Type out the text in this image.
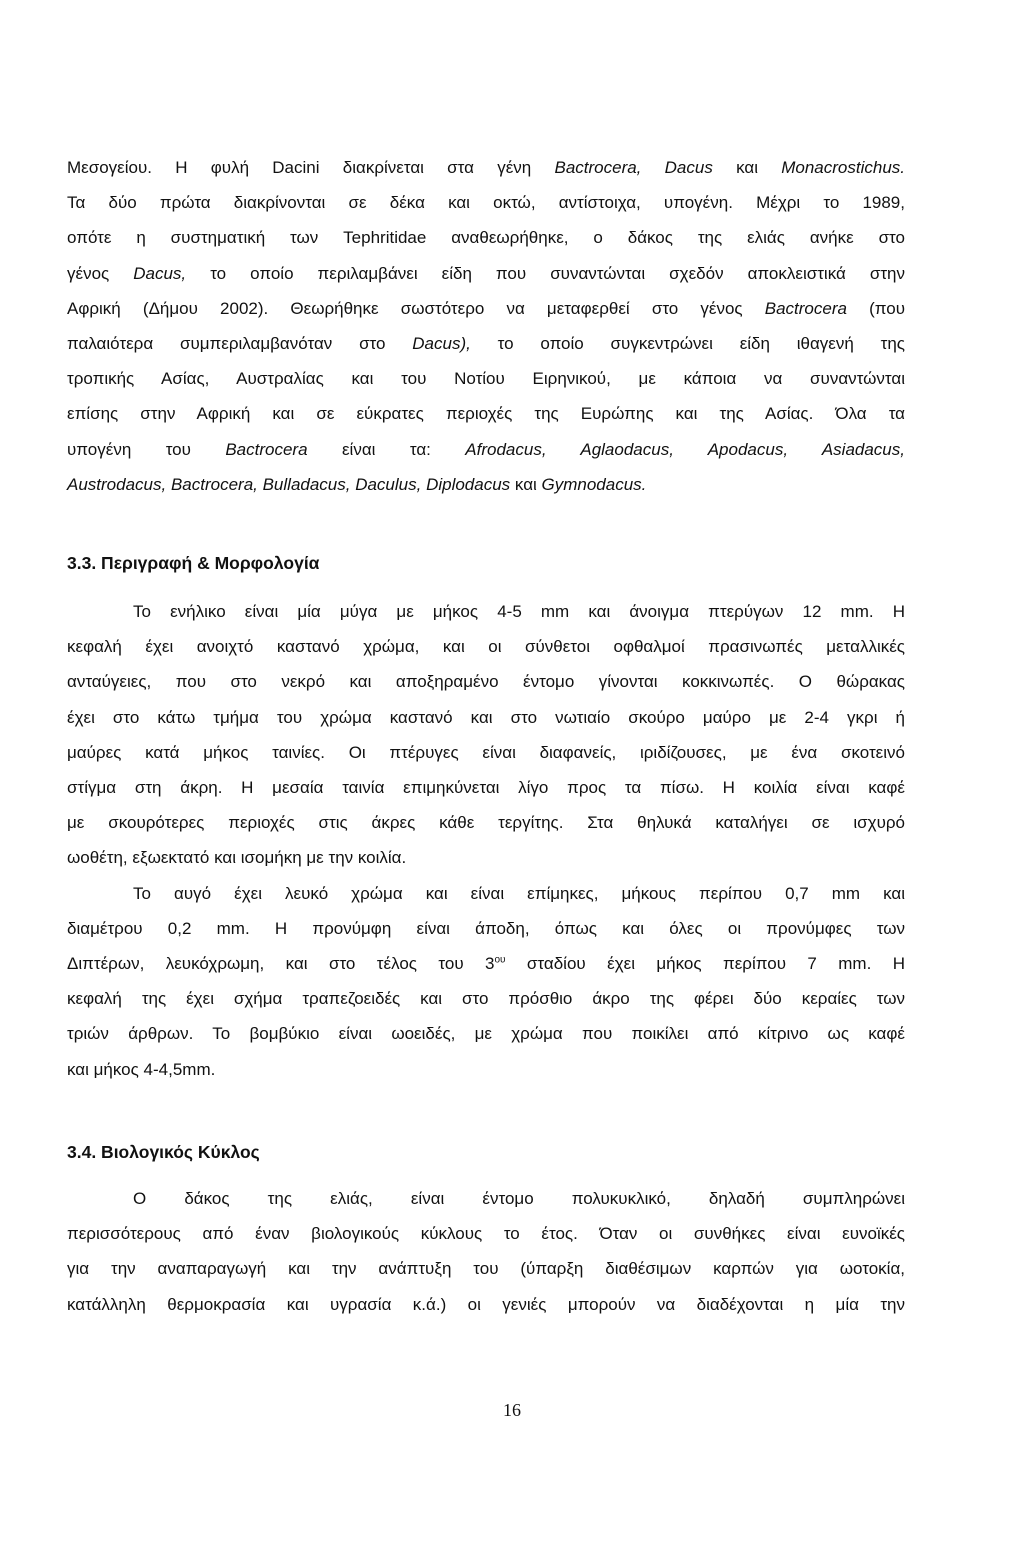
Μεσογείου. Η φυλή Dacini διακρίνεται στα γένη Bactrocera, Dacus και Monacrostichus.
Τα δύο πρώτα διακρίνονται σε δέκα και οκτώ, αντίστοιχα, υπογένη. Μέχρι το 1989,
οπότε η συστηματική των Tephritidae αναθεωρήθηκε, ο δάκος της ελιάς ανήκε στο
γένος Dacus, το οποίο περιλαμβάνει είδη που συναντώνται σχεδόν αποκλειστικά στην
Αφρική (Δήμου 2002). Θεωρήθηκε σωστότερο να μεταφερθεί στο γένος Bactrocera (που
παλαιότερα συμπεριλαμβανόταν στο Dacus), το οποίο συγκεντρώνει είδη ιθαγενή της
τροπικής Ασίας, Αυστραλίας και του Νοτίου Ειρηνικού, με κάποια να συναντώνται
επίσης στην Αφρική και σε εύκρατες περιοχές της Ευρώπης και της Ασίας. Όλα τα
υπογένη του Bactrocera είναι τα: Afrodacus, Aglaodacus, Apodacus, Asiadacus,
Austrodacus, Bactrocera, Bulladacus, Daculus, Diplodacus και Gymnodacus.
3.3. Περιγραφή & Μορφολογία
Το ενήλικο είναι μία μύγα με μήκος 4-5 mm και άνοιγμα πτερύγων 12 mm. Η
κεφαλή έχει ανοιχτό καστανό χρώμα, και οι σύνθετοι οφθαλμοί πρασινωπές μεταλλικές
ανταύγειες, που στο νεκρό και αποξηραμένο έντομο γίνονται κοκκινωπές. Ο θώρακας
έχει στο κάτω τμήμα του χρώμα καστανό και στο νωτιαίο σκούρο μαύρο με 2-4 γκρι ή
μαύρες κατά μήκος ταινίες. Οι πτέρυγες είναι διαφανείς, ιριδίζουσες, με ένα σκοτεινό
στίγμα στη άκρη. Η μεσαία ταινία επιμηκύνεται λίγο προς τα πίσω. Η κοιλία είναι καφέ
με σκουρότερες περιοχές στις άκρες κάθε τεργίτης. Στα θηλυκά καταλήγει σε ισχυρό
ωοθέτη, εξωεκτατό και ισομήκη με την κοιλία.
Το αυγό έχει λευκό χρώμα και είναι επίμηκες, μήκους περίπου 0,7 mm και
διαμέτρου 0,2 mm. Η προνύμφη είναι άποδη, όπως και όλες οι προνύμφες των
Διπτέρων, λευκόχρωμη, και στο τέλος του $3^{o\upsilon}$ σταδίου έχει μήκος περίπου 7 mm. Η
κεφαλή της έχει σχήμα τραπεζοειδές και στο πρόσθιο άκρο της φέρει δύο κεραίες των
τριών άρθρων. Το βομβύκιο είναι ωοειδές, με χρώμα που ποικίλει από κίτρινο ως καφέ
και μήκος 4-4,5mm.
3.4. Βιολογικός Κύκλος
Ο δάκος της ελιάς, είναι έντομο πολυκυκλικό, δηλαδή συμπληρώνει
περισσότερους από έναν βιολογικούς κύκλους το έτος. Όταν οι συνθήκες είναι ευνοϊκές
για την αναπαραγωγή και την ανάπτυξη του (ύπαρξη διαθέσιμων καρπών για ωοτοκία,
κατάλληλη θερμοκρασία και υγρασία κ.ά.) οι γενιές μπορούν να διαδέχονται η μία την
16
